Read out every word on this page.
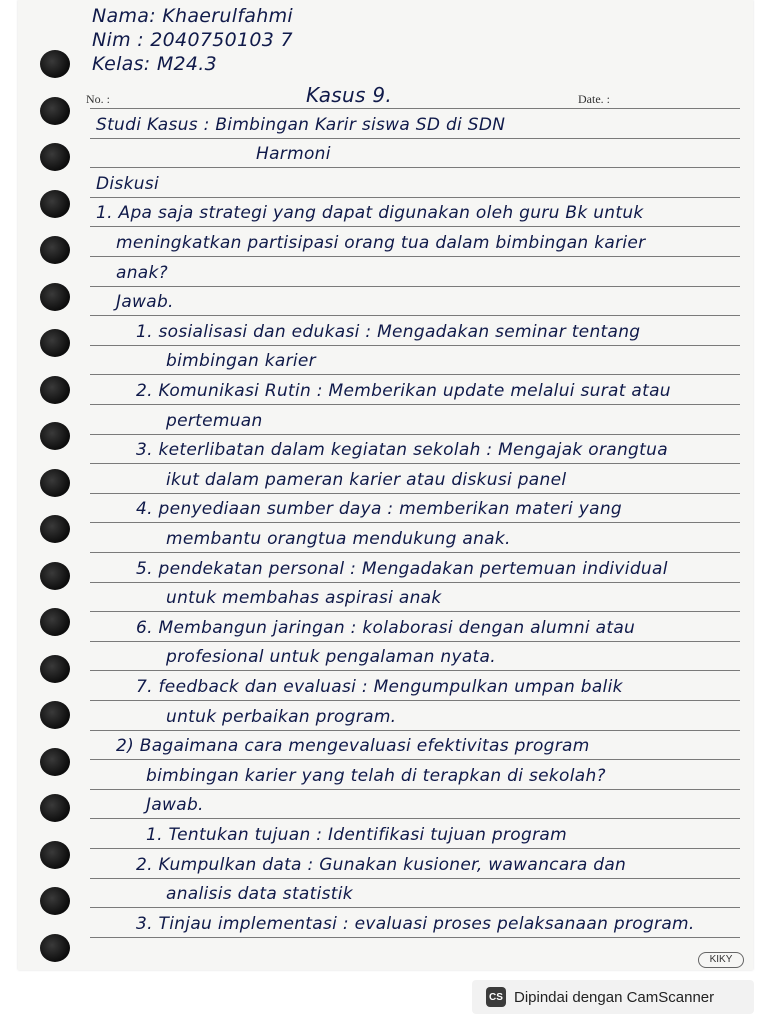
Nama: Khaerulfahmi
Nim : 2040750103 7
Kelas: M24.3
No. :	Date. :
Kasus 9.
Studi Kasus : Bimbingan Karir siswa SD di SDN
Harmoni
Diskusi
1. Apa saja strategi yang dapat digunakan oleh guru Bk untuk
meningkatkan partisipasi orang tua dalam bimbingan karier
anak?
Jawab.
1. sosialisasi dan edukasi : Mengadakan seminar tentang
bimbingan karier
2. Komunikasi Rutin : Memberikan update melalui surat atau
pertemuan
3. keterlibatan dalam kegiatan sekolah : Mengajak orangtua
ikut dalam pameran karier atau diskusi panel
4. penyediaan sumber daya : memberikan materi yang
membantu orangtua mendukung anak.
5. pendekatan personal : Mengadakan pertemuan individual
untuk membahas aspirasi anak
6. Membangun jaringan : kolaborasi dengan alumni atau
profesional untuk pengalaman nyata.
7. feedback dan evaluasi : Mengumpulkan umpan balik
untuk perbaikan program.
2) Bagaimana cara mengevaluasi efektivitas program
bimbingan karier yang telah di terapkan di sekolah?
Jawab.
1. Tentukan tujuan : Identifikasi tujuan program
2. Kumpulkan data : Gunakan kusioner, wawancara dan
analisis data statistik
3. Tinjau implementasi : evaluasi proses pelaksanaan program.
KIKY
CS Dipindai dengan CamScanner
